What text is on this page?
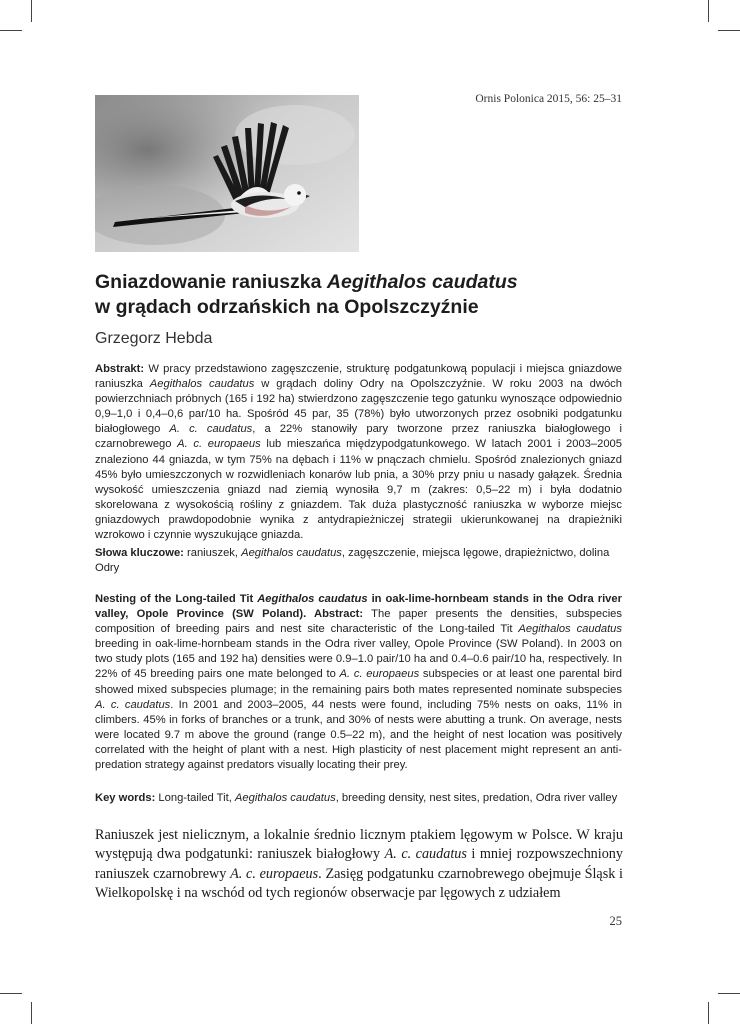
Ornis Polonica 2015, 56: 25–31
Gniazdowanie raniuszka Aegithalos caudatus
w grądach odrzańskich na Opolszczyźnie
Grzegorz Hebda
Abstrakt: W pracy przedstawiono zagęszczenie, strukturę podgatunkową populacji i miejsca gniazdowe raniuszka Aegithalos caudatus w grądach doliny Odry na Opolszczyźnie. W roku 2003 na dwóch powierzchniach próbnych (165 i 192 ha) stwierdzono zagęszczenie tego gatunku wynoszące odpowiednio 0,9–1,0 i 0,4–0,6 par/10 ha. Spośród 45 par, 35 (78%) było utworzonych przez osobniki podgatunku białogłowego A. c. caudatus, a 22% stanowiły pary tworzone przez raniuszka białogłowego i czarnobrewego A. c. europaeus lub mieszańca międzypodgatunkowego. W latach 2001 i 2003–2005 znaleziono 44 gniazda, w tym 75% na dębach i 11% w pnączach chmielu. Spośród znalezionych gniazd 45% było umieszczonych w rozwidleniach konarów lub pnia, a 30% przy pniu u nasady gałązek. Średnia wysokość umieszczenia gniazd nad ziemią wynosiła 9,7 m (zakres: 0,5–22 m) i była dodatnio skorelowana z wysokością rośliny z gniazdem. Tak duża plastyczność raniuszka w wyborze miejsc gniazdowych prawdopodobnie wynika z antydrapieżniczej strategii ukierunkowanej na drapieżniki wzrokowo i czynnie wyszukujące gniazda.
Słowa kluczowe: raniuszek, Aegithalos caudatus, zagęszczenie, miejsca lęgowe, drapieżnictwo, dolina Odry
Nesting of the Long-tailed Tit Aegithalos caudatus in oak-lime-hornbeam stands in the Odra river valley, Opole Province (SW Poland). Abstract: The paper presents the densities, subspecies composition of breeding pairs and nest site characteristic of the Long-tailed Tit Aegithalos caudatus breeding in oak-lime-hornbeam stands in the Odra river valley, Opole Province (SW Poland). In 2003 on two study plots (165 and 192 ha) densities were 0.9–1.0 pair/10 ha and 0.4–0.6 pair/10 ha, respectively. In 22% of 45 breeding pairs one mate belonged to A. c. europaeus subspecies or at least one parental bird showed mixed subspecies plumage; in the remaining pairs both mates represented nominate subspecies A. c. caudatus. In 2001 and 2003–2005, 44 nests were found, including 75% nests on oaks, 11% in climbers. 45% in forks of branches or a trunk, and 30% of nests were abutting a trunk. On average, nests were located 9.7 m above the ground (range 0.5–22 m), and the height of nest location was positively correlated with the height of plant with a nest. High plasticity of nest placement might represent an anti-predation strategy against predators visually locating their prey.
Key words: Long-tailed Tit, Aegithalos caudatus, breeding density, nest sites, predation, Odra river valley
Raniuszek jest nielicznym, a lokalnie średnio licznym ptakiem lęgowym w Polsce. W kraju występują dwa podgatunki: raniuszek białogłowy A. c. caudatus i mniej rozpowszechniony raniuszek czarnobrewy A. c. europaeus. Zasięg podgatunku czarnobrewego obejmuje Śląsk i Wielkopolskę i na wschód od tych regionów obserwacje par lęgowych z udziałem
25
